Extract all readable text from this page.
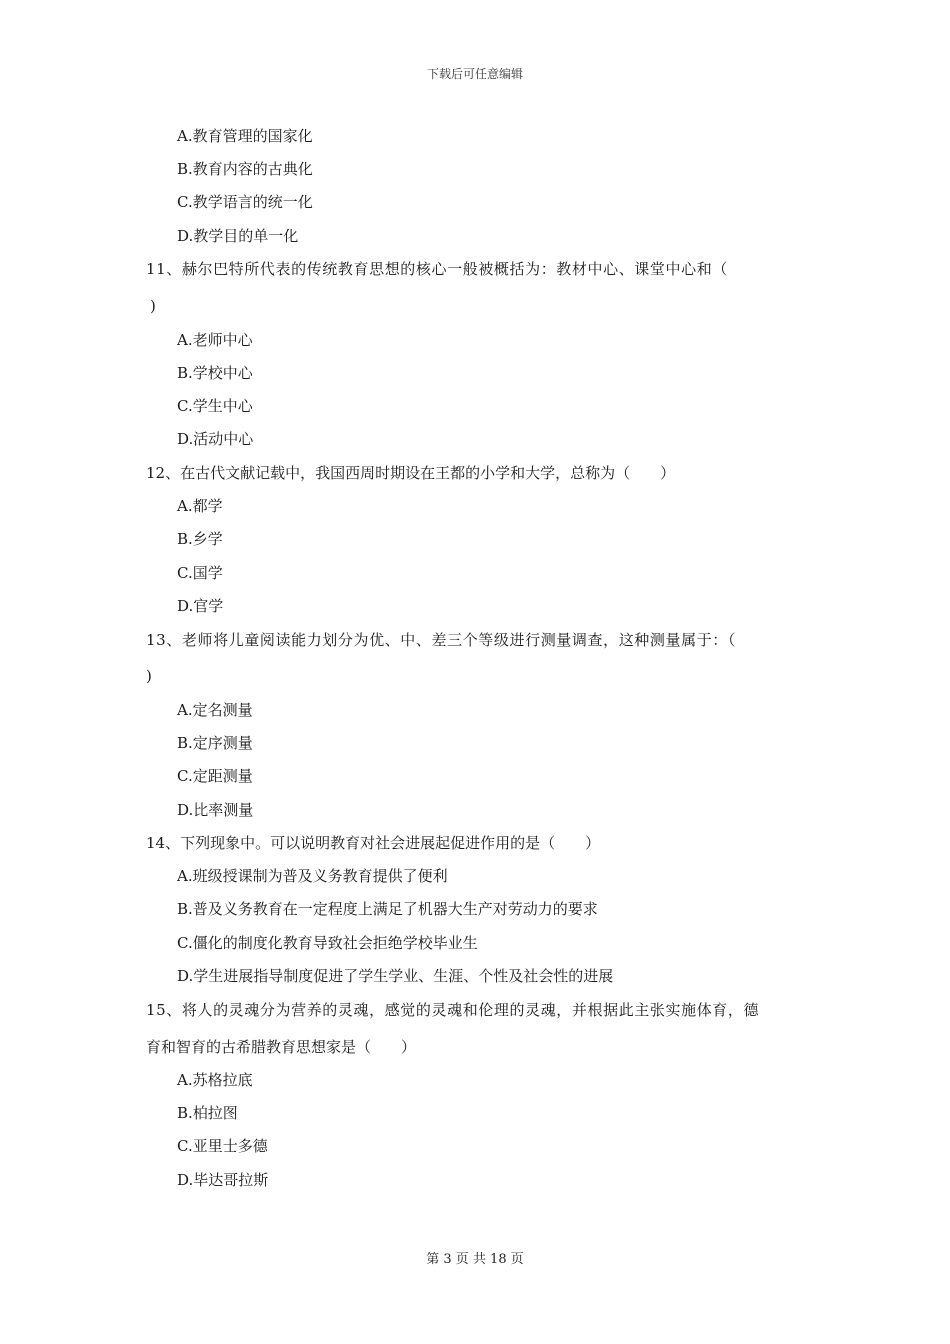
下载后可任意编辑
A.教育管理的国家化
B.教育内容的古典化
C.教学语言的统一化
D.教学目的单一化
11、赫尔巴特所代表的传统教育思想的核心一般被概括为：教材中心、课堂中心和（
)
A.老师中心
B.学校中心
C.学生中心
D.活动中心
12、在古代文献记载中，我国西周时期设在王都的小学和大学，总称为（　　）
A.都学
B.乡学
C.国学
D.官学
13、老师将儿童阅读能力划分为优、中、差三个等级进行测量调查，这种测量属于：（
)
A.定名测量
B.定序测量
C.定距测量
D.比率测量
14、下列现象中。可以说明教育对社会进展起促进作用的是（　　）
A.班级授课制为普及义务教育提供了便利
B.普及义务教育在一定程度上满足了机器大生产对劳动力的要求
C.僵化的制度化教育导致社会拒绝学校毕业生
D.学生进展指导制度促进了学生学业、生涯、个性及社会性的进展
15、将人的灵魂分为营养的灵魂，感觉的灵魂和伦理的灵魂，并根据此主张实施体育，德
育和智育的古希腊教育思想家是（　　）
A.苏格拉底
B.柏拉图
C.亚里士多德
D.毕达哥拉斯
第 3 页 共 18 页
